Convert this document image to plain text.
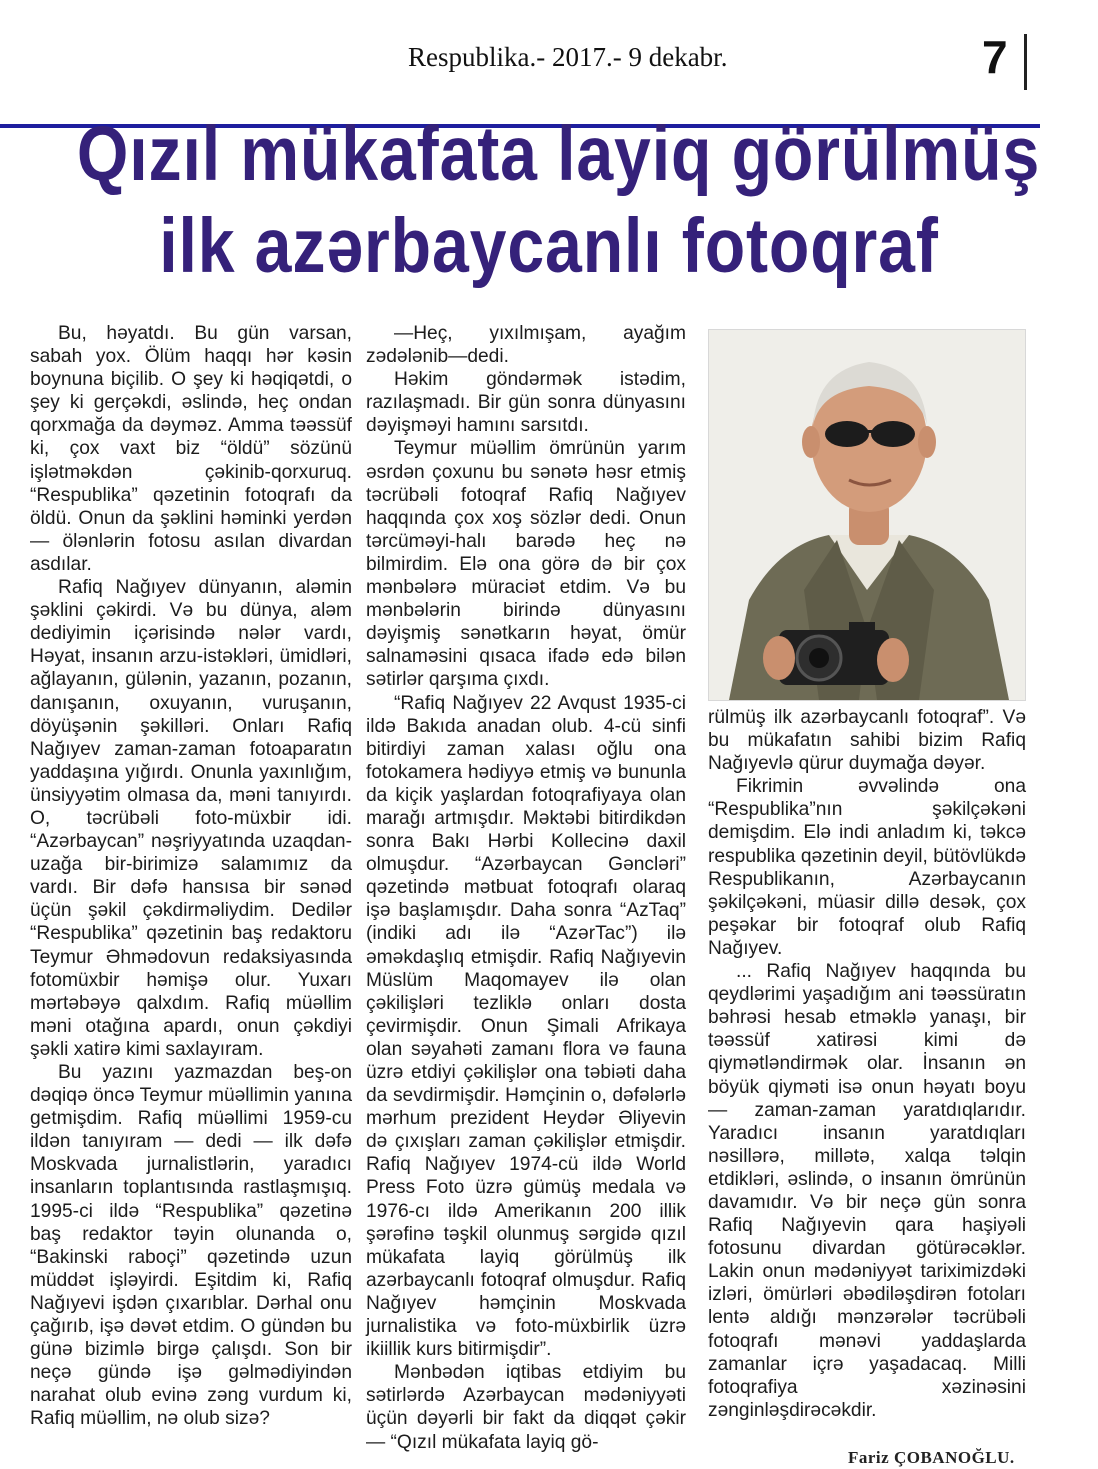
Respublika.- 2017.- 9 dekabr.	7
Qızıl mükafata layiq görülmüş
ilk azərbaycanlı fotoqraf

Bu, həyatdı. Bu gün varsan, sabah yox. Ölüm haqqı hər kəsin boynuna biçilib. O şey ki həqiqətdi, o şey ki gerçəkdi, əslində, heç ondan qorxmağa da dəyməz. Amma təəssüf ki, çox vaxt biz “öldü” sözünü işlətməkdən çəkinib-qorxuruq. “Respublika” qəzetinin fotoqrafı da öldü. Onun da şəklini həminki yerdən — ölənlərin fotosu asılan divardan asdılar.

Rafiq Nağıyev dünyanın, aləmin şəklini çəkirdi. Və bu dünya, aləm dediyimin içərisində nələr vardı, Həyat, insanın arzu-istəkləri, ümidləri, ağlayanın, gülənin, yazanın, pozanın, danışanın, oxuyanın, vuruşanın, döyüşənin şəkilləri. Onları Rafiq Nağıyev zaman-zaman fotoaparatın yaddaşına yığırdı. Onunla yaxınlığım, ünsiyyətim olmasa da, məni tanıyırdı. O, təcrübəli foto-müxbir idi. “Azərbaycan” nəşriyyatında uzaqdan-uzağa bir-birimizə salamımız da vardı. Bir dəfə hansısa bir sənəd üçün şəkil çəkdirməliydim. Dedilər “Respublika” qəzetinin baş redaktoru Teymur Əhmədovun redaksiyasında fotomüxbir həmişə olur. Yuxarı mərtəbəyə qalxdım. Rafiq müəllim məni otağına apardı, onun çəkdiyi şəkli xatirə kimi saxlayıram.

Bu yazını yazmazdan beş-on dəqiqə öncə Teymur müəllimin yanına getmişdim. Rafiq müəllimi 1959-cu ildən tanıyıram — dedi — ilk dəfə Moskvada jurnalistlərin, yaradıcı insanların toplantısında rastlaşmışıq. 1995-ci ildə “Respublika” qəzetinə baş redaktor təyin olunanda o, “Bakinski raboçi” qəzetində uzun müddət işləyirdi. Eşitdim ki, Rafiq Nağıyevi işdən çıxarıblar. Dərhal onu çağırıb, işə dəvət etdim. O gündən bu günə bizimlə birgə çalışdı. Son bir neçə gündə işə gəlmədiyindən narahat olub evinə zəng vurdum ki, Rafiq müəllim, nə olub sizə?

—Heç, yıxılmışam, ayağım zədələnib—dedi.

Həkim göndərmək istədim, razılaşmadı. Bir gün sonra dünyasını dəyişməyi hamını sarsıtdı.

Teymur müəllim ömrünün yarım əsrdən çoxunu bu sənətə həsr etmiş təcrübəli fotoqraf Rafiq Nağıyev haqqında çox xoş sözlər dedi. Onun tərcüməyi-halı barədə heç nə bilmirdim. Elə ona görə də bir çox mənbələrə müraciət etdim. Və bu mənbələrin birində dünyasını dəyişmiş sənətkarın həyat, ömür salnaməsini qısaca ifadə edə bilən sətirlər qarşıma çıxdı.

“Rafiq Nağıyev 22 Avqust 1935-ci ildə Bakıda anadan olub. 4-cü sinfi bitirdiyi zaman xalası oğlu ona fotokamera hədiyyə etmiş və bununla da kiçik yaşlardan fotoqrafiyaya olan marağı artmışdır. Məktəbi bitirdikdən sonra Bakı Hərbi Kollecinə daxil olmuşdur. “Azərbaycan Gəncləri” qəzetində mətbuat fotoqrafı olaraq işə başlamışdır. Daha sonra “AzTaq” (indiki adı ilə “AzərTac”) ilə əməkdaşlıq etmişdir. Rafiq Nağıyevin Müslüm Maqomayev ilə olan çəkilişləri tezliklə onları dosta çevirmişdir. Onun Şimali Afrikaya olan səyahəti zamanı flora və fauna üzrə etdiyi çəkilişlər ona təbiəti daha da sevdirmişdir. Həmçinin o, dəfələrlə mərhum prezident Heydər Əliyevin də çıxışları zaman çəkilişlər etmişdir. Rafiq Nağıyev 1974-cü ildə World Press Foto üzrə gümüş medala və 1976-cı ildə Amerikanın 200 illik şərəfinə təşkil olunmuş sərgidə qızıl mükafata layiq görülmüş ilk azərbaycanlı fotoqraf olmuşdur. Rafiq Nağıyev həmçinin Moskvada jurnalistika və foto-müxbirlik üzrə ikiillik kurs bitirmişdir”.

Mənbədən iqtibas etdiyim bu sətirlərdə Azərbaycan mədəniyyəti üçün dəyərli bir fakt da diqqət çəkir — “Qızıl mükafata layiq gö-

rülmüş ilk azərbaycanlı fotoqraf”. Və bu mükafatın sahibi bizim Rafiq Nağıyevlə qürur duymağa dəyər.

Fikrimin əvvəlində ona “Respublika”nın şəkilçəkəni demişdim. Elə indi anladım ki, təkcə respublika qəzetinin deyil, bütövlükdə Respublikanın, Azərbaycanın şəkilçəkəni, müasir dillə desək, çox peşəkar bir fotoqraf olub Rafiq Nağıyev.

... Rafiq Nağıyev haqqında bu qeydlərimi yaşadığım ani təəssüratın bəhrəsi hesab etməklə yanaşı, bir təəssüf xatirəsi kimi də qiymətləndirmək olar. İnsanın ən böyük qiyməti isə onun həyatı boyu— zaman-zaman yaratdıqlarıdır. Yaradıcı insanın yaratdıqları nəsillərə, millətə, xalqa təlqin etdikləri, əslində, o insanın ömrünün davamıdır. Və bir neçə gün sonra Rafiq Nağıyevin qara haşiyəli fotosunu divardan götürəcəklər. Lakin onun mədəniyyət tariximizdəki izləri, ömürləri əbədiləşdirən fotoları lentə aldığı mənzərələr təcrübəli fotoqrafı mənəvi yaddaşlarda zamanlar içrə yaşadacaq. Milli fotoqrafiya xəzinəsini zənginləşdirəcəkdir.

Fariz ÇOBANOĞLU.
